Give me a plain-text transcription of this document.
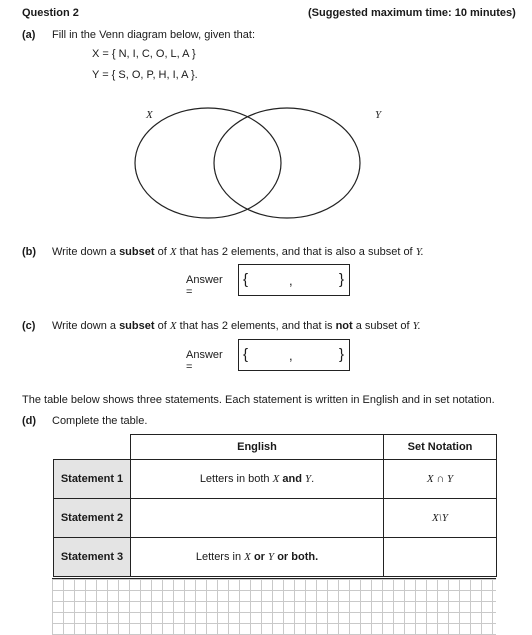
Question 2	(Suggested maximum time: 10 minutes)
(a) Fill in the Venn diagram below, given that:
X = { N, I, C, O, L, A }
Y = { S, O, P, H, I, A }.
X	Y
(b) Write down a subset of X that has 2 elements, and that is also a subset of Y.
Answer =
{	,	}
(c) Write down a subset of X that has 2 elements, and that is not a subset of Y.
Answer =
{	,	}
The table below shows three statements. Each statement is written in English and in set notation.
(d) Complete the table.
	English	Set Notation
Statement 1	Letters in both X and Y.	X ∩ Y
Statement 2		X\Y
Statement 3	Letters in X or Y or both.	
